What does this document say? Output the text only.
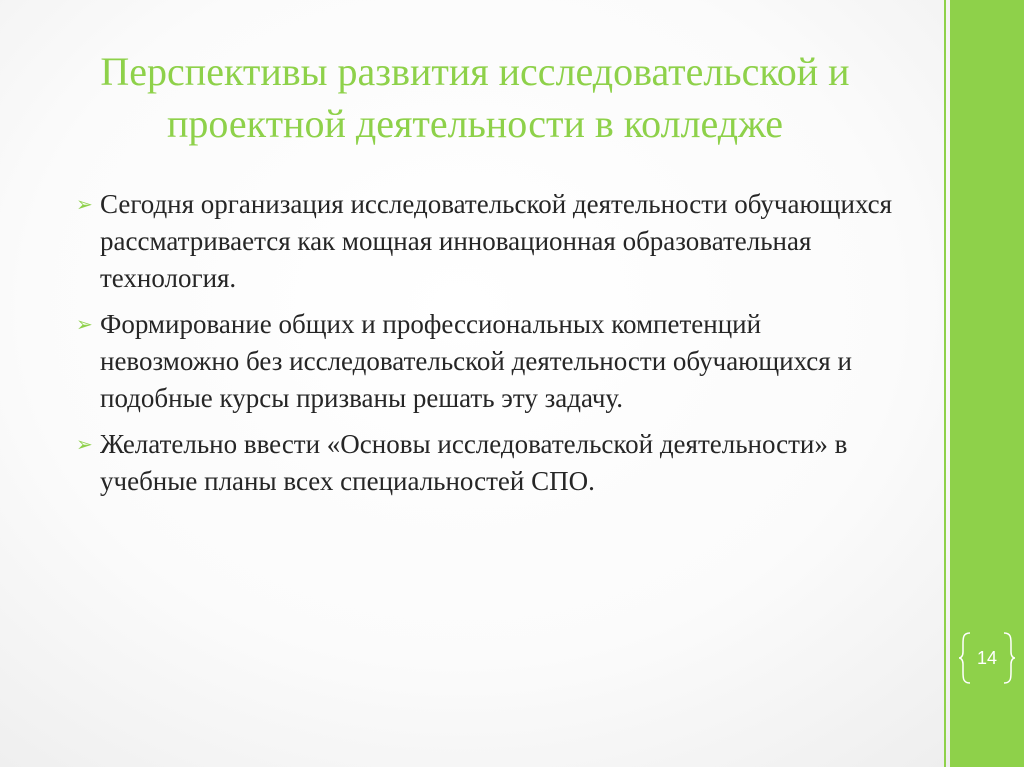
Перспективы развития исследовательской и проектной деятельности в колледже
➢ Сегодня организация исследовательской деятельности обучающихся рассматривается как мощная инновационная образовательная технология.
➢ Формирование общих и профессиональных компетенций невозможно без исследовательской деятельности обучающихся и подобные курсы призваны решать эту задачу.
➢ Желательно ввести «Основы исследовательской деятельности» в учебные планы всех специальностей СПО.
14
